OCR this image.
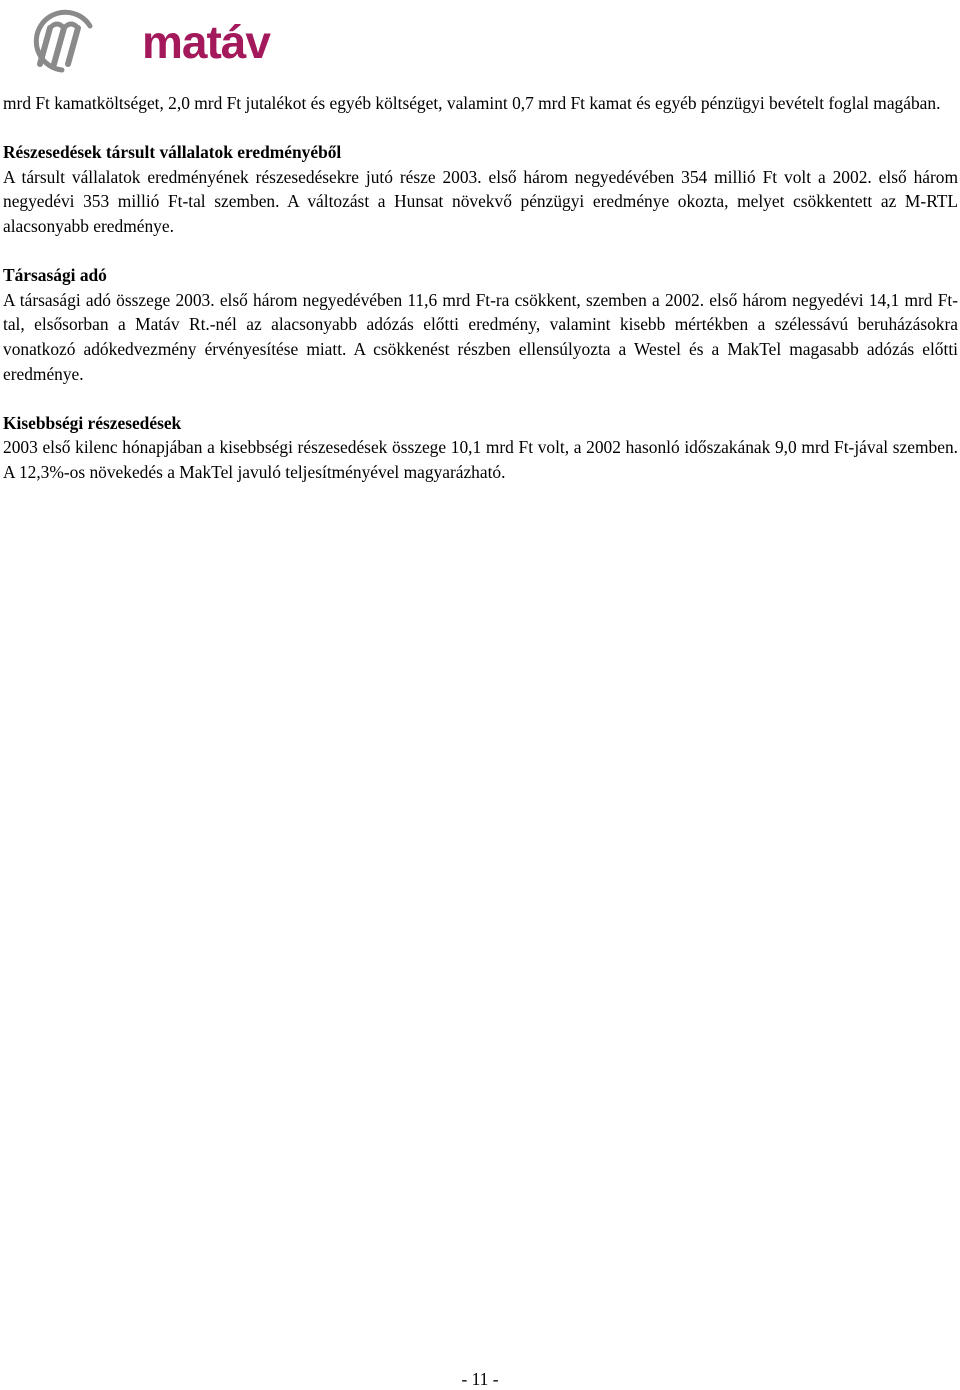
matáv

mrd Ft kamatköltséget, 2,0 mrd Ft jutalékot és egyéb költséget, valamint 0,7 mrd Ft kamat és egyéb pénzügyi bevételt foglal magában.

Részesedések társult vállalatok eredményéből

A társult vállalatok eredményének részesedésekre jutó része 2003. első három negyedévében 354 millió Ft volt a 2002. első három negyedévi 353 millió Ft-tal szemben. A változást a Hunsat növekvő pénzügyi eredménye okozta, melyet csökkentett az M-RTL alacsonyabb eredménye.

Társasági adó

A társasági adó összege 2003. első három negyedévében 11,6 mrd Ft-ra csökkent, szemben a 2002. első három negyedévi 14,1 mrd Ft-tal, elsősorban a Matáv Rt.-nél az alacsonyabb adózás előtti eredmény, valamint kisebb mértékben a szélessávú beruházásokra vonatkozó adókedvezmény érvényesítése miatt. A csökkenést részben ellensúlyozta a Westel és a MakTel magasabb adózás előtti eredménye.

Kisebbségi részesedések

2003 első kilenc hónapjában a kisebbségi részesedések összege 10,1 mrd Ft volt, a 2002 hasonló időszakának 9,0 mrd Ft-jával szemben. A 12,3%-os növekedés a MakTel javuló teljesítményével magyarázható.

- 11 -
